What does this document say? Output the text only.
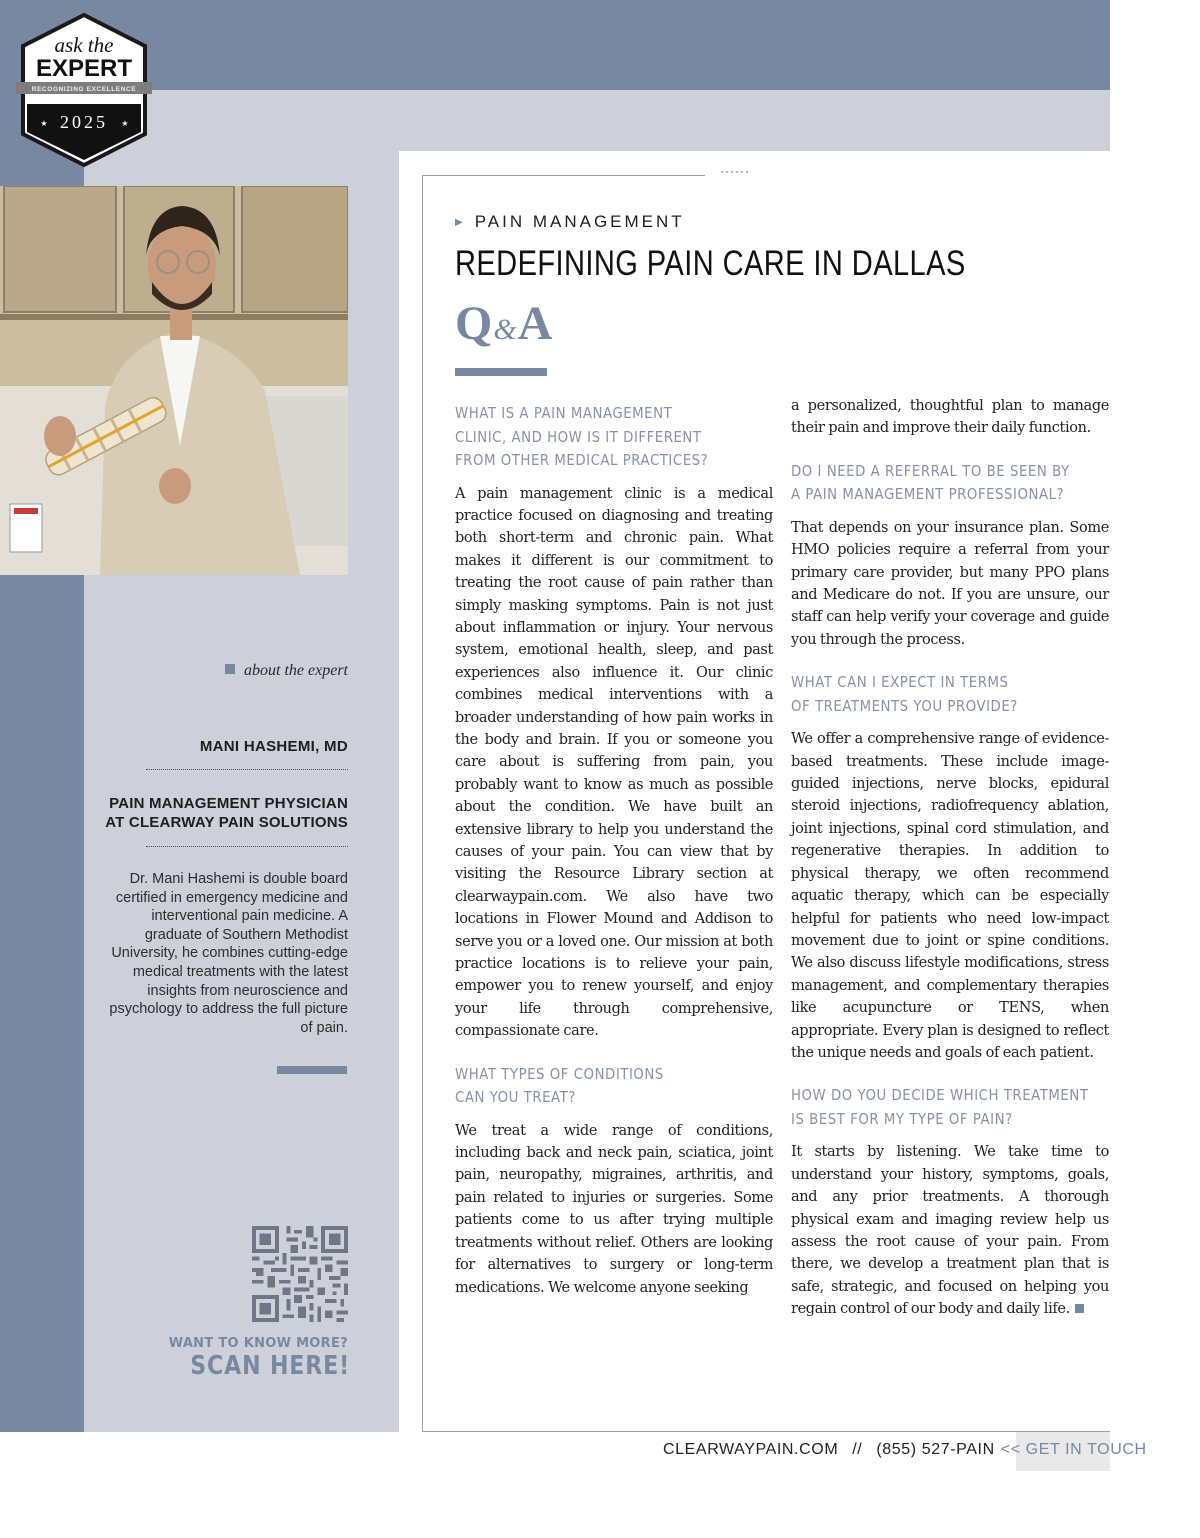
······
ask the
EXPERT
RECOGNIZING EXCELLENCE
2025
★	★
about the expert
MANI HASHEMI, MD
PAIN MANAGEMENT PHYSICIAN
AT CLEARWAY PAIN SOLUTIONS
Dr. Mani Hashemi is double board certified in emergency medicine and interventional pain medicine. A graduate of Southern Methodist University, he combines cutting-edge medical treatments with the latest insights from neuroscience and psychology to address the full picture of pain.
WANT TO KNOW MORE?
SCAN HERE!
▶ PAIN MANAGEMENT
REDEFINING PAIN CARE IN DALLAS
Q&A
WHAT IS A PAIN MANAGEMENT
CLINIC, AND HOW IS IT DIFFERENT
FROM OTHER MEDICAL PRACTICES?
A pain management clinic is a medical practice focused on diagnosing and treating both short-term and chronic pain. What makes it different is our commitment to treating the root cause of pain rather than simply masking symptoms. Pain is not just about inflammation or injury. Your nervous system, emotional health, sleep, and past experiences also influence it. Our clinic combines medical interventions with a broader understanding of how pain works in the body and brain. If you or someone you care about is suffering from pain, you probably want to know as much as possible about the condition. We have built an extensive library to help you understand the causes of your pain. You can view that by visiting the Resource Library section at clearwaypain.com. We also have two locations in Flower Mound and Addison to serve you or a loved one. Our mission at both practice locations is to relieve your pain, empower you to renew yourself, and enjoy your life through comprehensive, compassionate care.
WHAT TYPES OF CONDITIONS
CAN YOU TREAT?
We treat a wide range of conditions, including back and neck pain, sciatica, joint pain, neuropathy, migraines, arthritis, and pain related to injuries or surgeries. Some patients come to us after trying multiple treatments without relief. Others are looking for alternatives to surgery or long-term medications. We welcome anyone seeking
a personalized, thoughtful plan to manage their pain and improve their daily function.
DO I NEED A REFERRAL TO BE SEEN BY
A PAIN MANAGEMENT PROFESSIONAL?
That depends on your insurance plan. Some HMO policies require a referral from your primary care provider, but many PPO plans and Medicare do not. If you are unsure, our staff can help verify your coverage and guide you through the process.
WHAT CAN I EXPECT IN TERMS
OF TREATMENTS YOU PROVIDE?
We offer a comprehensive range of evidence-based treatments. These include image-guided injections, nerve blocks, epidural steroid injections, radiofrequency ablation, joint injections, spinal cord stimulation, and regenerative therapies. In addition to physical therapy, we often recommend aquatic therapy, which can be especially helpful for patients who need low-impact movement due to joint or spine conditions. We also discuss lifestyle modifications, stress management, and complementary therapies like acupuncture or TENS, when appropriate. Every plan is designed to reflect the unique needs and goals of each patient.
HOW DO YOU DECIDE WHICH TREATMENT
IS BEST FOR MY TYPE OF PAIN?
It starts by listening. We take time to understand your history, symptoms, goals, and any prior treatments. A thorough physical exam and imaging review help us assess the root cause of your pain. From there, we develop a treatment plan that is safe, strategic, and focused on helping you regain control of our body and daily life.
CLEARWAYPAIN.COM // (855) 527-PAIN << GET IN TOUCH
